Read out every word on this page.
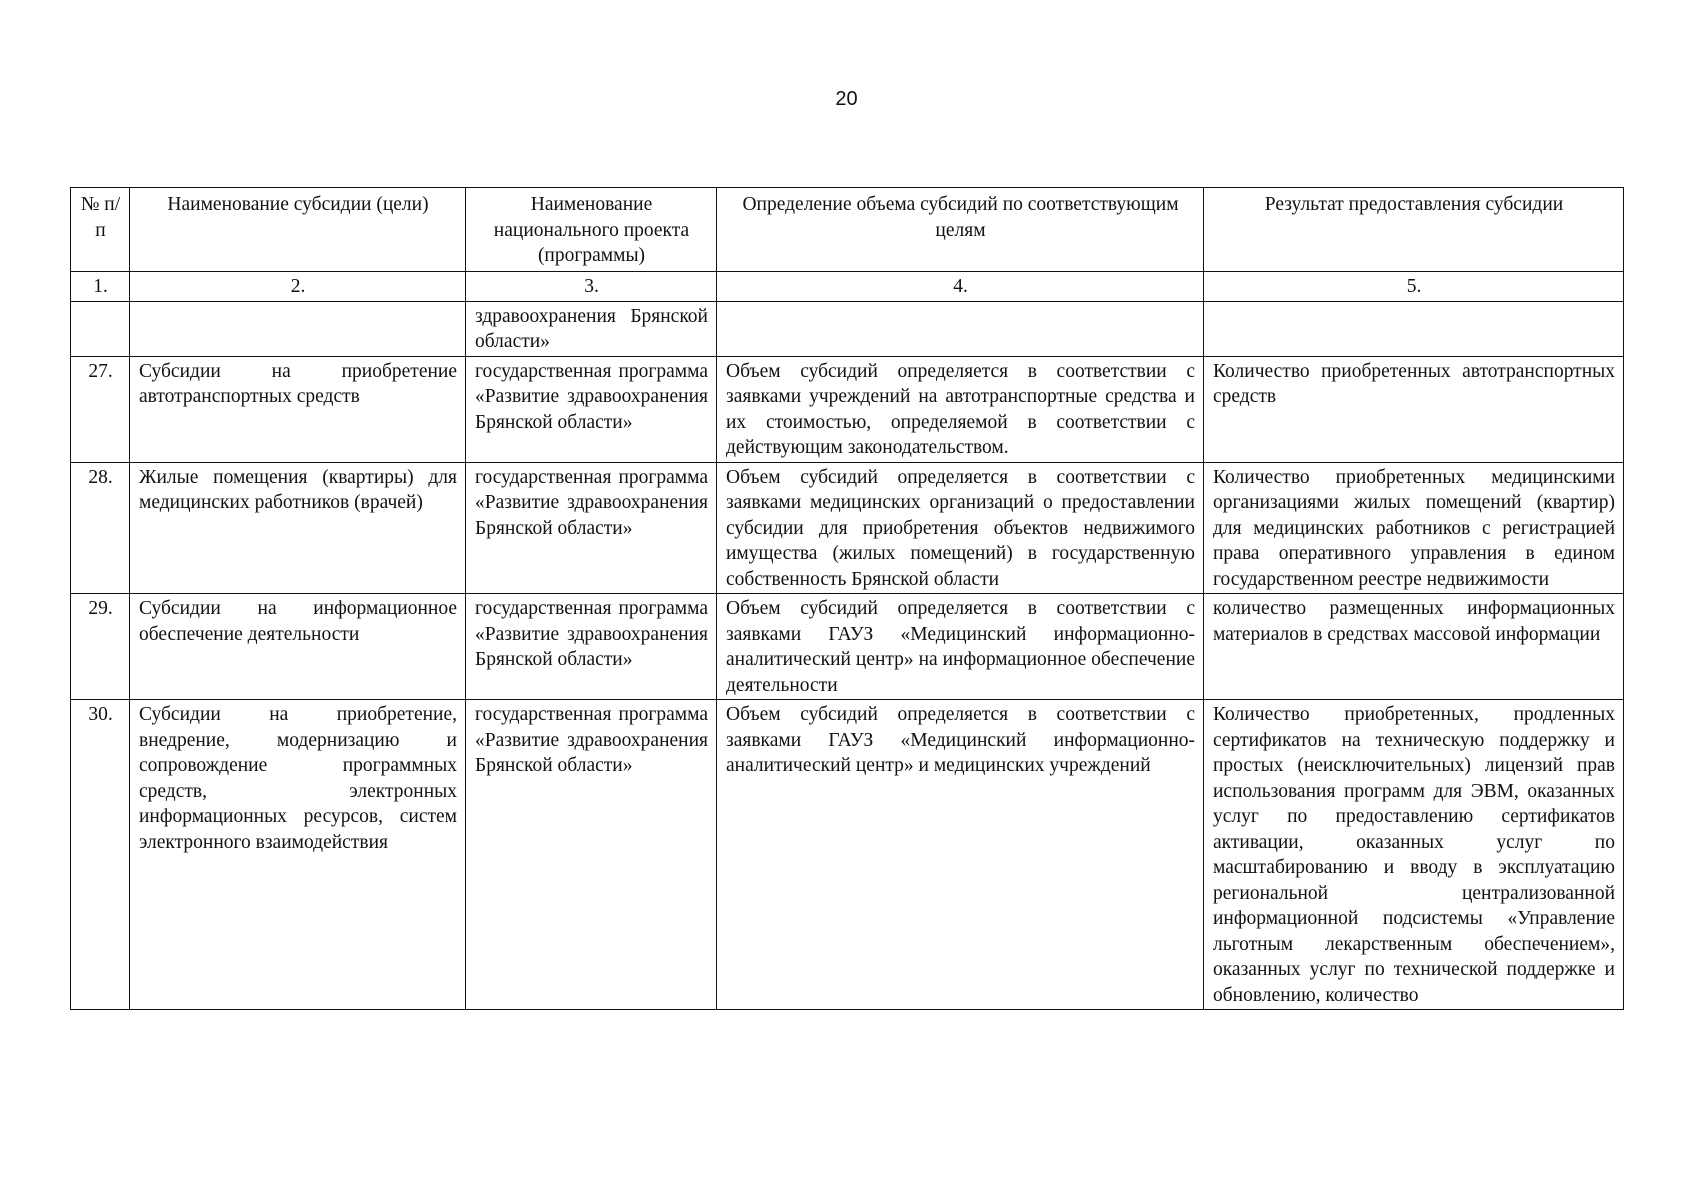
20
№ п/п	Наименование субсидии (цели)	Наименование национального проекта (программы)	Определение объема субсидий по соответствующим целям	Результат предоставления субсидии
1.	2.	3.	4.	5.
		здравоохранения Брянской области»		
27.	Субсидии на приобретение автотранспортных средств	государственная программа «Развитие здравоохранения Брянской области»	Объем субсидий определяется в соответствии с заявками учреждений на автотранспортные средства и их стоимостью, определяемой в соответствии с действующим законодательством.	Количество приобретенных автотранспортных средств
28.	Жилые помещения (квартиры) для медицинских работников (врачей)	государственная программа «Развитие здравоохранения Брянской области»	Объем субсидий определяется в соответствии с заявками медицинских организаций о предоставлении субсидии для приобретения объектов недвижимого имущества (жилых помещений) в государственную собственность Брянской области	Количество приобретенных медицинскими организациями жилых помещений (квартир) для медицинских работников с регистрацией права оперативного управления в едином государственном реестре недвижимости
29.	Субсидии на информационное обеспечение деятельности	государственная программа «Развитие здравоохранения Брянской области»	Объем субсидий определяется в соответствии с заявками ГАУЗ «Медицинский информационно-аналитический центр» на информационное обеспечение деятельности	количество размещенных информационных материалов в средствах массовой информации
30.	Субсидии на приобретение, внедрение, модернизацию и сопровождение программных средств, электронных информационных ресурсов, систем электронного взаимодействия	государственная программа «Развитие здравоохранения Брянской области»	Объем субсидий определяется в соответствии с заявками ГАУЗ «Медицинский информационно-аналитический центр» и медицинских учреждений	Количество приобретенных, продленных сертификатов на техническую поддержку и простых (неисключительных) лицензий прав использования программ для ЭВМ, оказанных услуг по предоставлению сертификатов активации, оказанных услуг по масштабированию и вводу в эксплуатацию региональной централизованной информационной подсистемы «Управление льготным лекарственным обеспечением», оказанных услуг по технической поддержке и обновлению, количество
